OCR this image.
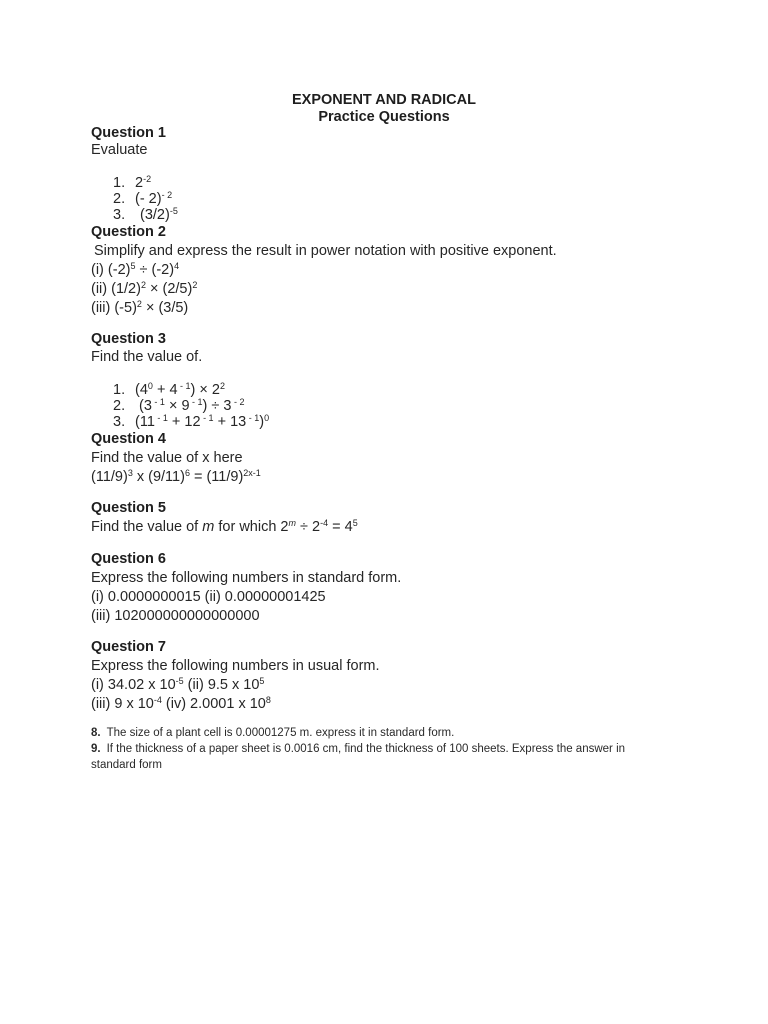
EXPONENT AND RADICAL
Practice Questions
Question 1
Evaluate
1. $2^{-2}$
2. (- 2)$^{- 2}$
3. $(3/2)^{-5}$
Question 2
Simplify and express the result in power notation with positive exponent.
(i) $(-2)^5 \div (-2)^4$
(ii) $(1/2)^2 \times (2/5)^2$
(iii) $(-5)^2 \times (3/5)$
Question 3
Find the value of.
1. ($4^0 + 4$ $^{- 1}) \times 2^2$
2. (3 $^{- 1}$ × 9 $^{- 1}$) ÷ 3 $^{- 2}$
3. (11 $^{- 1}$ + 12 $^{- 1}$ + 13 $^{- 1}$)$^0$
Question 4
Find the value of x here
$(11/9)^3$ x $(9/11)^6 = (11/9)^{2x-1}$
Question 5
Find the value of m for which $2^m \div 2^{-4} = 4^5$
Question 6
Express the following numbers in standard form.
(i) 0.0000000015 (ii) 0.00000001425
(iii) 102000000000000000
Question 7
Express the following numbers in usual form.
(i) 34.02 x $10^{-5}$ (ii) 9.5 x $10^5$
(iii) 9 x $10^{-4}$ (iv) 2.0001 x $10^8$
8. The size of a plant cell is 0.00001275 m. express it in standard form.
9. If the thickness of a paper sheet is 0.0016 cm, find the thickness of 100 sheets. Express the answer in standard form
